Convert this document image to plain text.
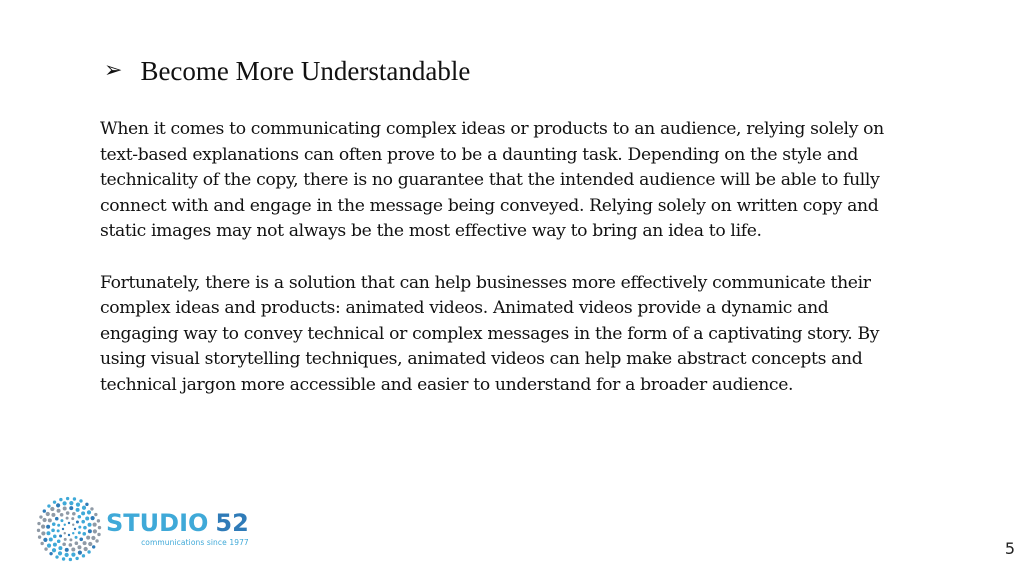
➢ Become More Understandable

When it comes to communicating complex ideas or products to an audience, relying solely on text-based explanations can often prove to be a daunting task. Depending on the style and technicality of the copy, there is no guarantee that the intended audience will be able to fully connect with and engage in the message being conveyed. Relying solely on written copy and static images may not always be the most effective way to bring an idea to life.

Fortunately, there is a solution that can help businesses more effectively communicate their complex ideas and products: animated videos. Animated videos provide a dynamic and engaging way to convey technical or complex messages in the form of a captivating story. By using visual storytelling techniques, animated videos can help make abstract concepts and technical jargon more accessible and easier to understand for a broader audience.

STUDIO 52
communications since 1977	5
